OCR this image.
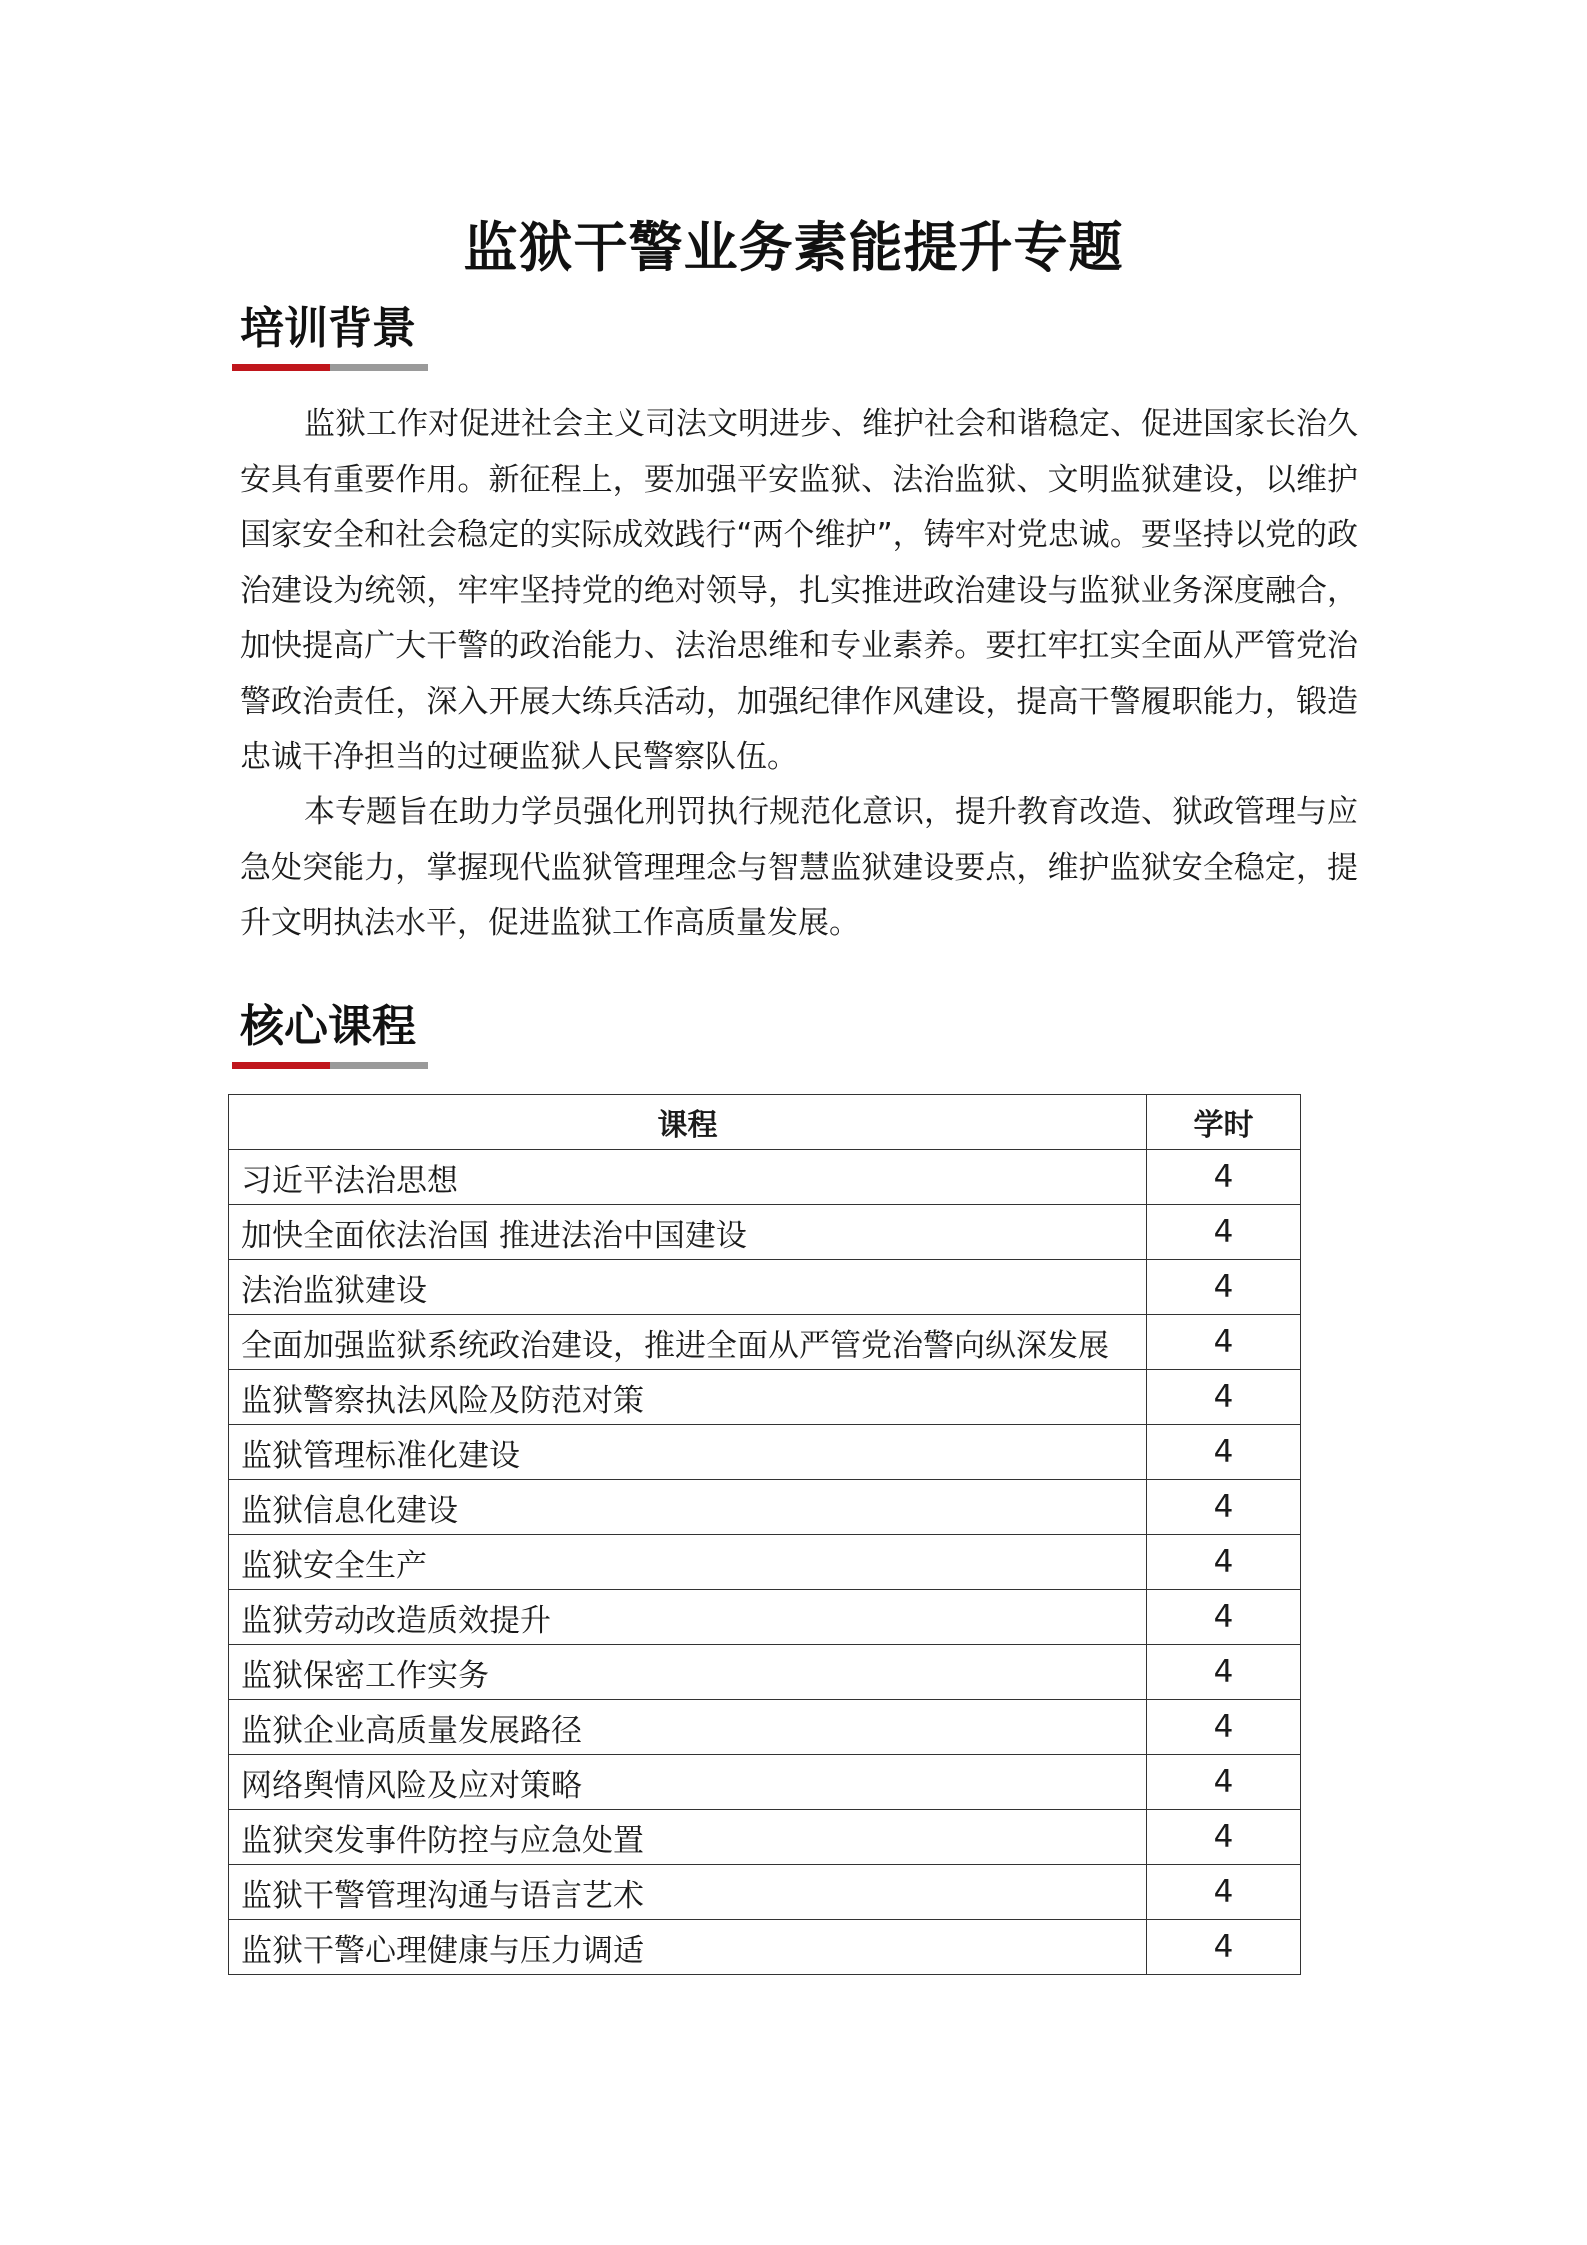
监狱干警业务素能提升专题
培训背景

监狱工作对促进社会主义司法文明进步、维护社会和谐稳定、促进国家长治久安具有重要作用。新征程上，要加强平安监狱、法治监狱、文明监狱建设，以维护国家安全和社会稳定的实际成效践行“两个维护”，铸牢对党忠诚。要坚持以党的政治建设为统领，牢牢坚持党的绝对领导，扎实推进政治建设与监狱业务深度融合，加快提高广大干警的政治能力、法治思维和专业素养。要扛牢扛实全面从严管党治警政治责任，深入开展大练兵活动，加强纪律作风建设，提高干警履职能力，锻造忠诚干净担当的过硬监狱人民警察队伍。

本专题旨在助力学员强化刑罚执行规范化意识，提升教育改造、狱政管理与应急处突能力，掌握现代监狱管理理念与智慧监狱建设要点，维护监狱安全稳定，提升文明执法水平，促进监狱工作高质量发展。

核心课程
课程	学时
习近平法治思想	4
加快全面依法治国 推进法治中国建设	4
法治监狱建设	4
全面加强监狱系统政治建设，推进全面从严管党治警向纵深发展	4
监狱警察执法风险及防范对策	4
监狱管理标准化建设	4
监狱信息化建设	4
监狱安全生产	4
监狱劳动改造质效提升	4
监狱保密工作实务	4
监狱企业高质量发展路径	4
网络舆情风险及应对策略	4
监狱突发事件防控与应急处置	4
监狱干警管理沟通与语言艺术	4
监狱干警心理健康与压力调适	4
